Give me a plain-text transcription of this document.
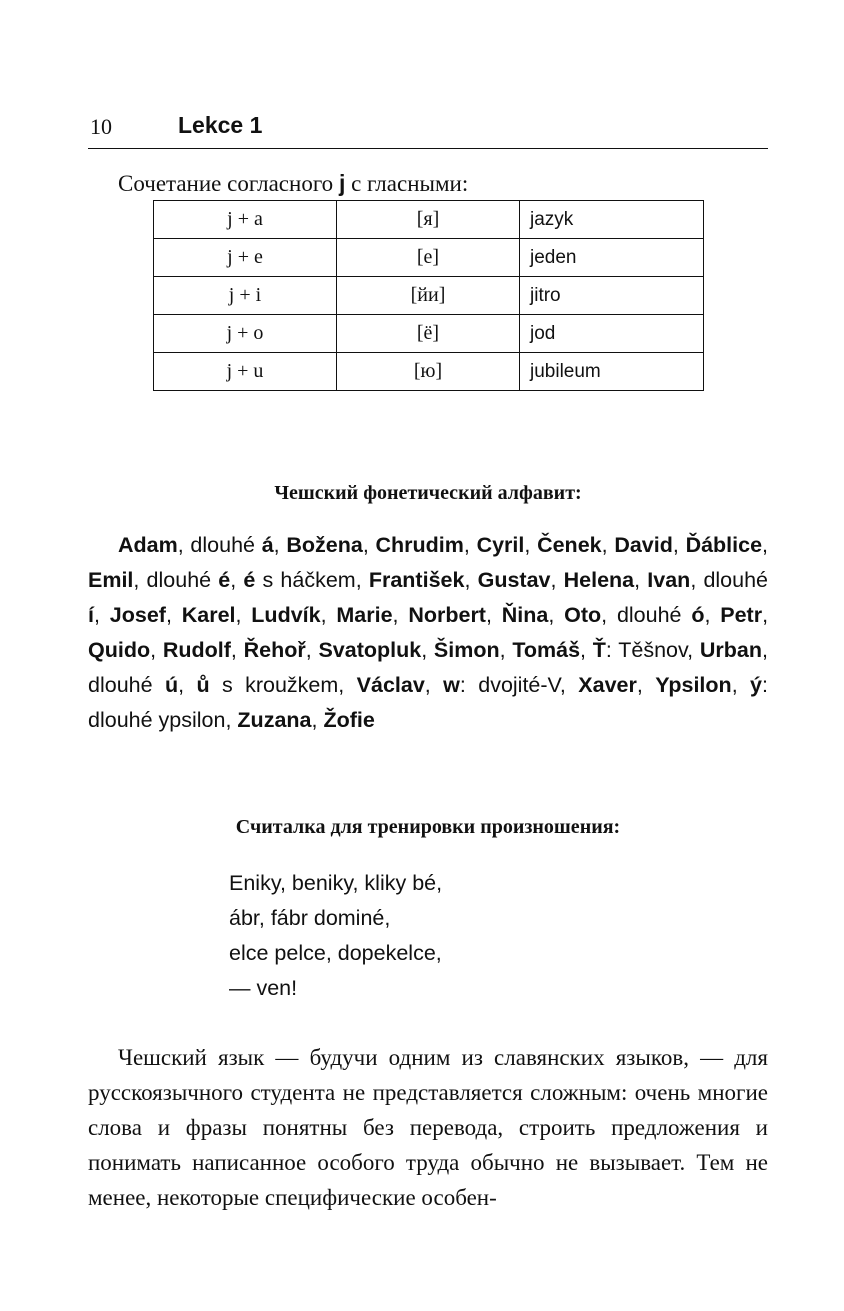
10	Lekce 1
Сочетание согласного j с гласными:
j + a	[я]	jazyk
j + e	[е]	jeden
j + i	[йи]	jitro
j + o	[ё]	jod
j + u	[ю]	jubileum
Чешский фонетический алфавит:
Adam, dlouhé á, Božena, Chrudim, Cyril, Čenek, David, Ďáblice, Emil, dlouhé é, é s háčkem, František, Gustav, Helena, Ivan, dlouhé í, Josef, Karel, Ludvík, Marie, Norbert, Ňina, Oto, dlouhé ó, Petr, Quido, Rudolf, Řehoř, Svatopluk, Šimon, Tomáš, Ť: Těšnov, Urban, dlouhé ú, ů s kroužkem, Václav, w: dvojité-V, Xaver, Ypsilon, ý: dlouhé ypsilon, Zuzana, Žofie
Считалка для тренировки произношения:
Eniky, beniky, kliky bé,
ábr, fábr dominé,
elce pelce, dopekelce,
— ven!
Чешский язык — будучи одним из славянских языков, — для русскоязычного студента не представляется сложным: очень многие слова и фразы понятны без перевода, строить предложения и понимать написанное особого труда обычно не вызывает. Тем не менее, некоторые специфические особен-
